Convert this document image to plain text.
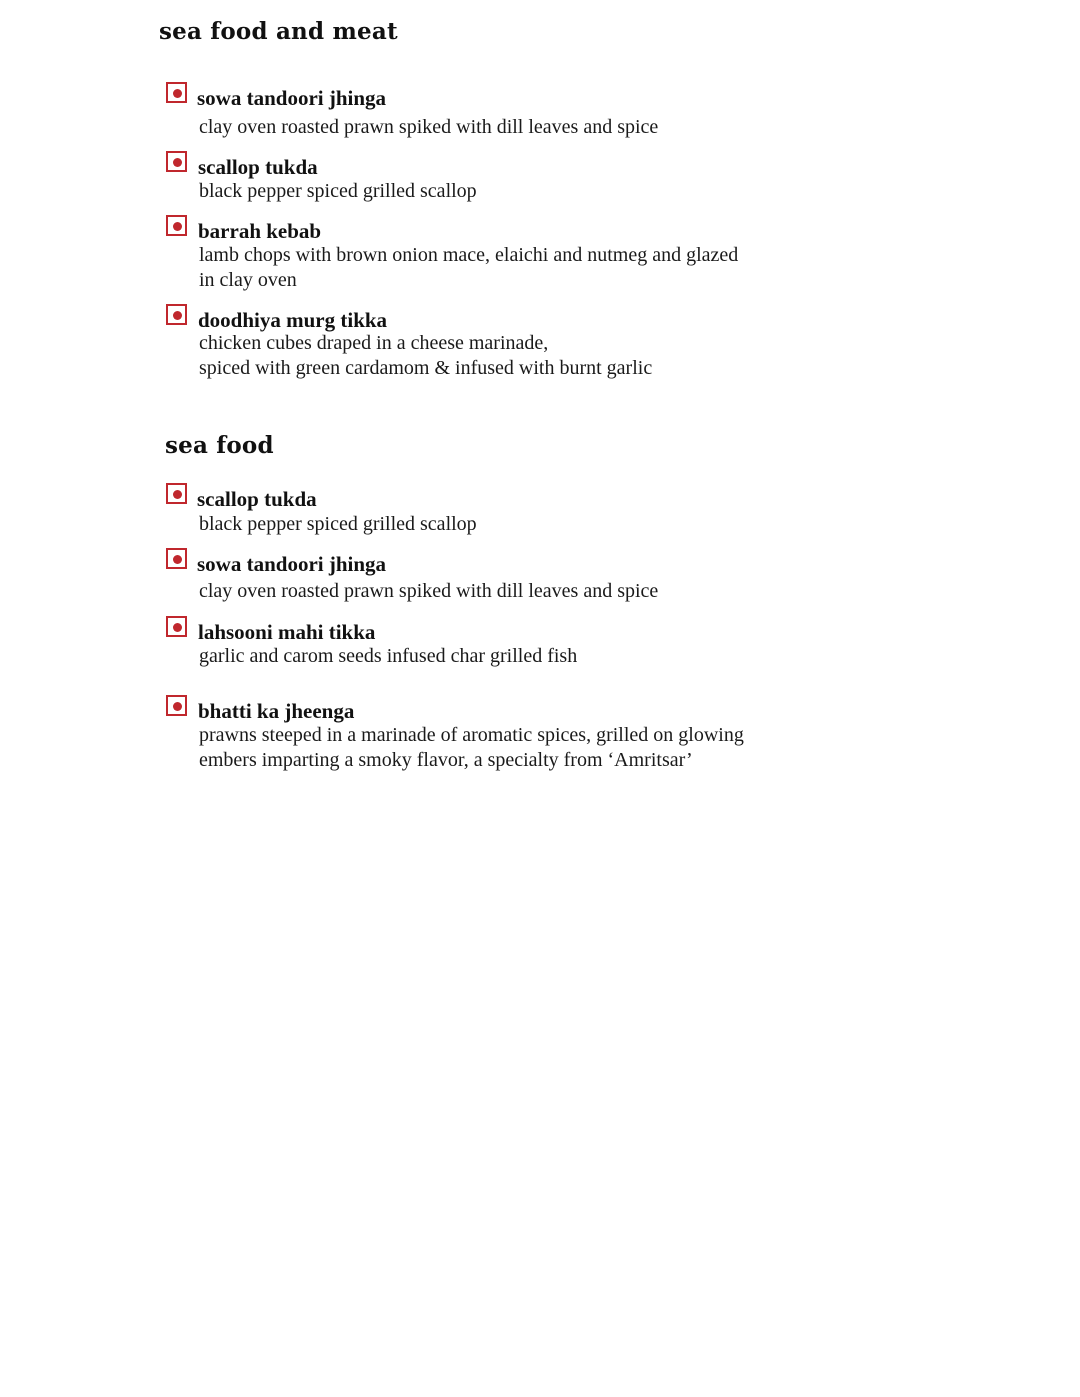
sea food and meat
sowa tandoori jhinga
clay oven roasted prawn spiked with dill leaves and spice
scallop tukda
black pepper spiced grilled scallop
barrah kebab
lamb chops with brown onion mace, elaichi and nutmeg and glazed
in clay oven
doodhiya murg tikka
chicken cubes draped in a cheese marinade,
spiced with green cardamom & infused with burnt garlic
sea food
scallop tukda
black pepper spiced grilled scallop
sowa tandoori jhinga
clay oven roasted prawn spiked with dill leaves and spice
lahsooni mahi tikka
garlic and carom seeds infused char grilled fish
bhatti ka jheenga
prawns steeped in a marinade of aromatic spices, grilled on glowing
embers imparting a smoky flavor, a specialty from ‘Amritsar’
